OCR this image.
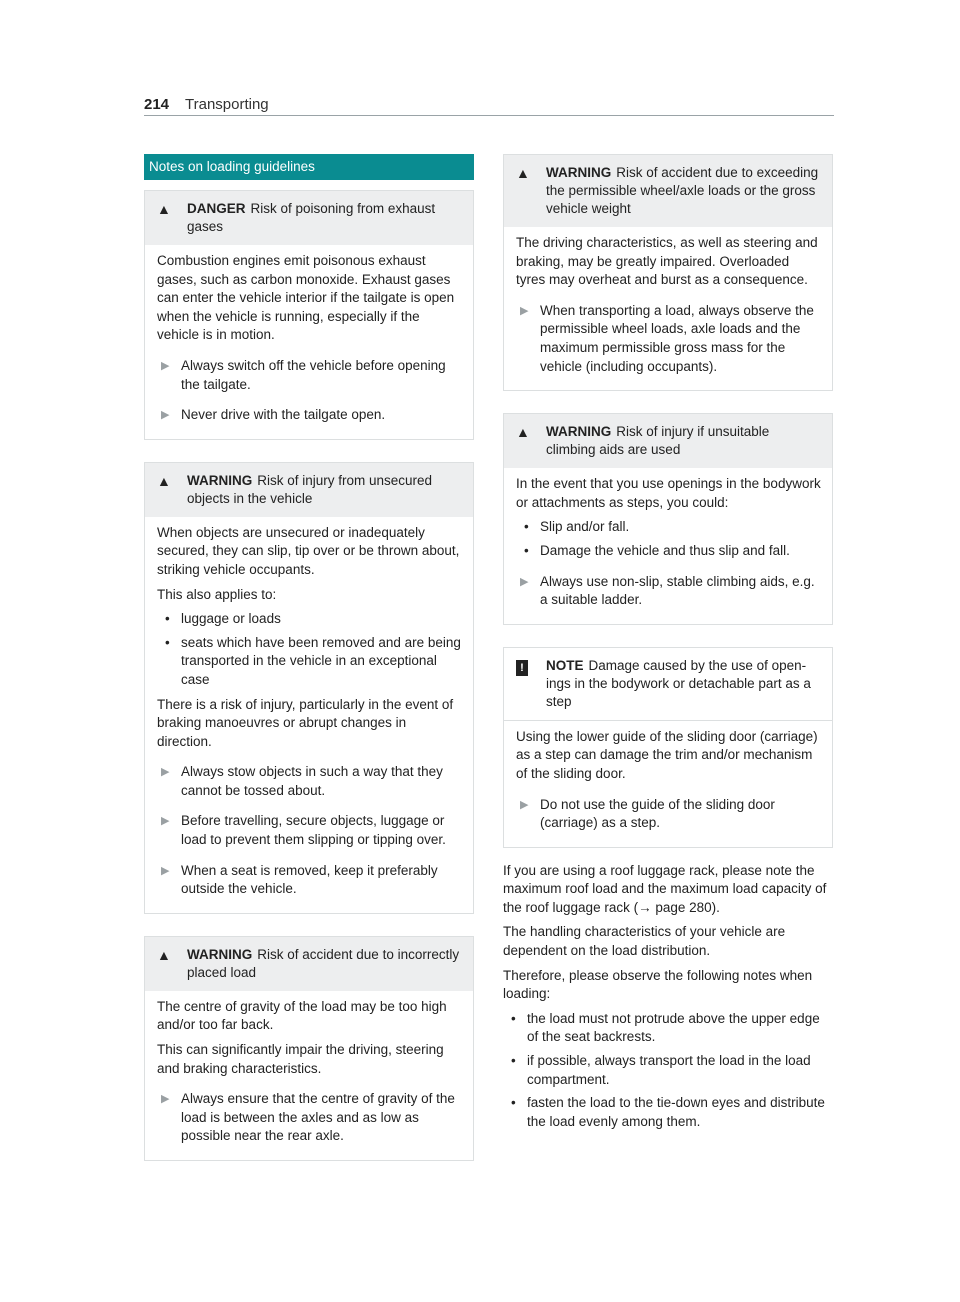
214 Transporting
Notes on loading guidelines
▲	DANGER Risk of poisoning from exhaust gases

Combustion engines emit poisonous exhaust gases, such as carbon monoxide. Exhaust gases can enter the vehicle interior if the tailgate is open when the vehicle is running, especially if the vehicle is in motion.

▶ Always switch off the vehicle before opening the tailgate.
▶ Never drive with the tailgate open.
▲	WARNING Risk of injury from unsecured objects in the vehicle

When objects are unsecured or inadequately secured, they can slip, tip over or be thrown about, striking vehicle occupants.

This also applies to:

• luggage or loads
• seats which have been removed and are being transported in the vehicle in an exceptional case

There is a risk of injury, particularly in the event of braking manoeuvres or abrupt changes in direction.

▶ Always stow objects in such a way that they cannot be tossed about.
▶ Before travelling, secure objects, luggage or load to prevent them slipping or tipping over.
▶ When a seat is removed, keep it preferably outside the vehicle.
▲	WARNING Risk of accident due to incorrectly placed load

The centre of gravity of the load may be too high and/or too far back.

This can significantly impair the driving, steering and braking characteristics.

▶ Always ensure that the centre of gravity of the load is between the axles and as low as possible near the rear axle.
▲	WARNING Risk of accident due to exceeding the permissible wheel/axle loads or the gross vehicle weight

The driving characteristics, as well as steering and braking, may be greatly impaired. Overloaded tyres may overheat and burst as a consequence.

▶ When transporting a load, always observe the permissible wheel loads, axle loads and the maximum permissible gross mass for the vehicle (including occupants).
▲	WARNING Risk of injury if unsuitable climbing aids are used

In the event that you use openings in the bodywork or attachments as steps, you could:

• Slip and/or fall.
• Damage the vehicle and thus slip and fall.
▶ Always use non-slip, stable climbing aids, e.g. a suitable ladder.
!	NOTE Damage caused by the use of openings in the bodywork or detachable part as a step

Using the lower guide of the sliding door (carriage) as a step can damage the trim and/or mechanism of the sliding door.

▶ Do not use the guide of the sliding door (carriage) as a step.

If you are using a roof luggage rack, please note the maximum roof load and the maximum load capacity of the roof luggage rack (→ page 280).

The handling characteristics of your vehicle are dependent on the load distribution.

Therefore, please observe the following notes when loading:

• the load must not protrude above the upper edge of the seat backrests.
• if possible, always transport the load in the load compartment.
• fasten the load to the tie-down eyes and distribute the load evenly among them.
